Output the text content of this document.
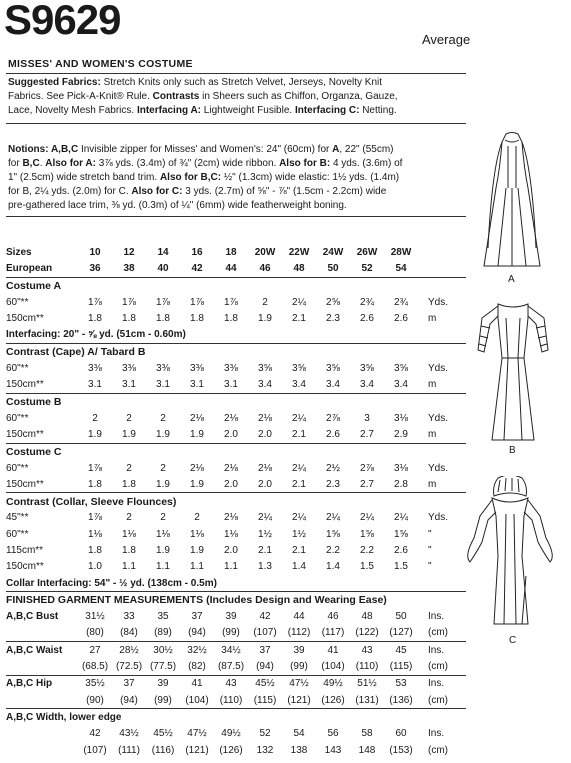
S9629	Average
MISSES' AND WOMEN'S COSTUME
Suggested Fabrics: Stretch Knits only such as Stretch Velvet, Jerseys, Novelty Knit
Fabrics. See Pick-A-Knit® Rule. Contrasts in Sheers such as Chiffon, Organza, Gauze,
Lace, Novelty Mesh Fabrics. Interfacing A: Lightweight Fusible. Interfacing C: Netting.
Notions: A,B,C Invisible zipper for Misses' and Women's: 24" (60cm) for A, 22" (55cm)
for B,C. Also for A: 3⅞ yds. (3.4m) of ¾" (2cm) wide ribbon. Also for B: 4 yds. (3.6m) of
1" (2.5cm) wide stretch band trim. Also for B,C: ½" (1.3cm) wide elastic: 1½ yds. (1.4m)
for B, 2¼ yds. (2.0m) for C. Also for C: 3 yds. (2.7m) of ⅝" - ⅞" (1.5cm - 2.2cm) wide
pre-gathered lace trim, ⅜ yd. (0.3m) of ¼" (6mm) wide featherweight boning.
Sizes	10	12	14	16	18	20W	22W	24W	26W	28W	
European	36	38	40	42	44	46	48	50	52	54	
Costume A											
60"**	1⅞	1⅞	1⅞	1⅞	1⅞	2	2¼	2⅝	2¾	2¾	Yds.
150cm**	1.8	1.8	1.8	1.8	1.8	1.9	2.1	2.3	2.6	2.6	m
Interfacing: 20" - ⅝ yd. (51cm - 0.60m)											
Contrast (Cape) A/ Tabard B											
60"**	3⅜	3⅜	3⅜	3⅜	3⅜	3⅝	3⅝	3⅝	3⅝	3⅝	Yds.
150cm**	3.1	3.1	3.1	3.1	3.1	3.4	3.4	3.4	3.4	3.4	m
Costume B											
60"**	2	2	2	2⅛	2⅛	2⅛	2¼	2⅞	3	3⅛	Yds.
150cm**	1.9	1.9	1.9	1.9	2.0	2.0	2.1	2.6	2.7	2.9	m
Costume C											
60"**	1⅞	2	2	2⅛	2⅛	2⅛	2¼	2½	2⅞	3⅛	Yds.
150cm**	1.8	1.8	1.9	1.9	2.0	2.0	2.1	2.3	2.7	2.8	m
Contrast (Collar, Sleeve Flounces)											
45"**	1⅞	2	2	2	2⅛	2¼	2¼	2¼	2¼	2¼	Yds.
60"**	1⅛	1⅛	1⅛	1⅛	1⅛	1½	1½	1⅝	1⅝	1⅝	"
115cm**	1.8	1.8	1.9	1.9	2.0	2.1	2.1	2.2	2.2	2.6	"
150cm**	1.0	1.1	1.1	1.1	1.1	1.3	1.4	1.4	1.5	1.5	"
Collar Interfacing: 54" - ½ yd. (138cm - 0.5m)											
FINISHED GARMENT MEASUREMENTS (Includes Design and Wearing Ease)											
A,B,C Bust	31½	33	35	37	39	42	44	46	48	50	Ins.
	(80)	(84)	(89)	(94)	(99)	(107)	(112)	(117)	(122)	(127)	(cm)
A,B,C Waist	27	28½	30½	32½	34½	37	39	41	43	45	Ins.
	(68.5)	(72.5)	(77.5)	(82)	(87.5)	(94)	(99)	(104)	(110)	(115)	(cm)
A,B,C Hip	35½	37	39	41	43	45½	47½	49½	51½	53	Ins.
	(90)	(94)	(99)	(104)	(110)	(115)	(121)	(126)	(131)	(136)	(cm)
A,B,C Width, lower edge											
	42	43½	45½	47½	49½	52	54	56	58	60	Ins.
	(107)	(111)	(116)	(121)	(126)	132	138	143	148	(153)	(cm)
A
B
C
